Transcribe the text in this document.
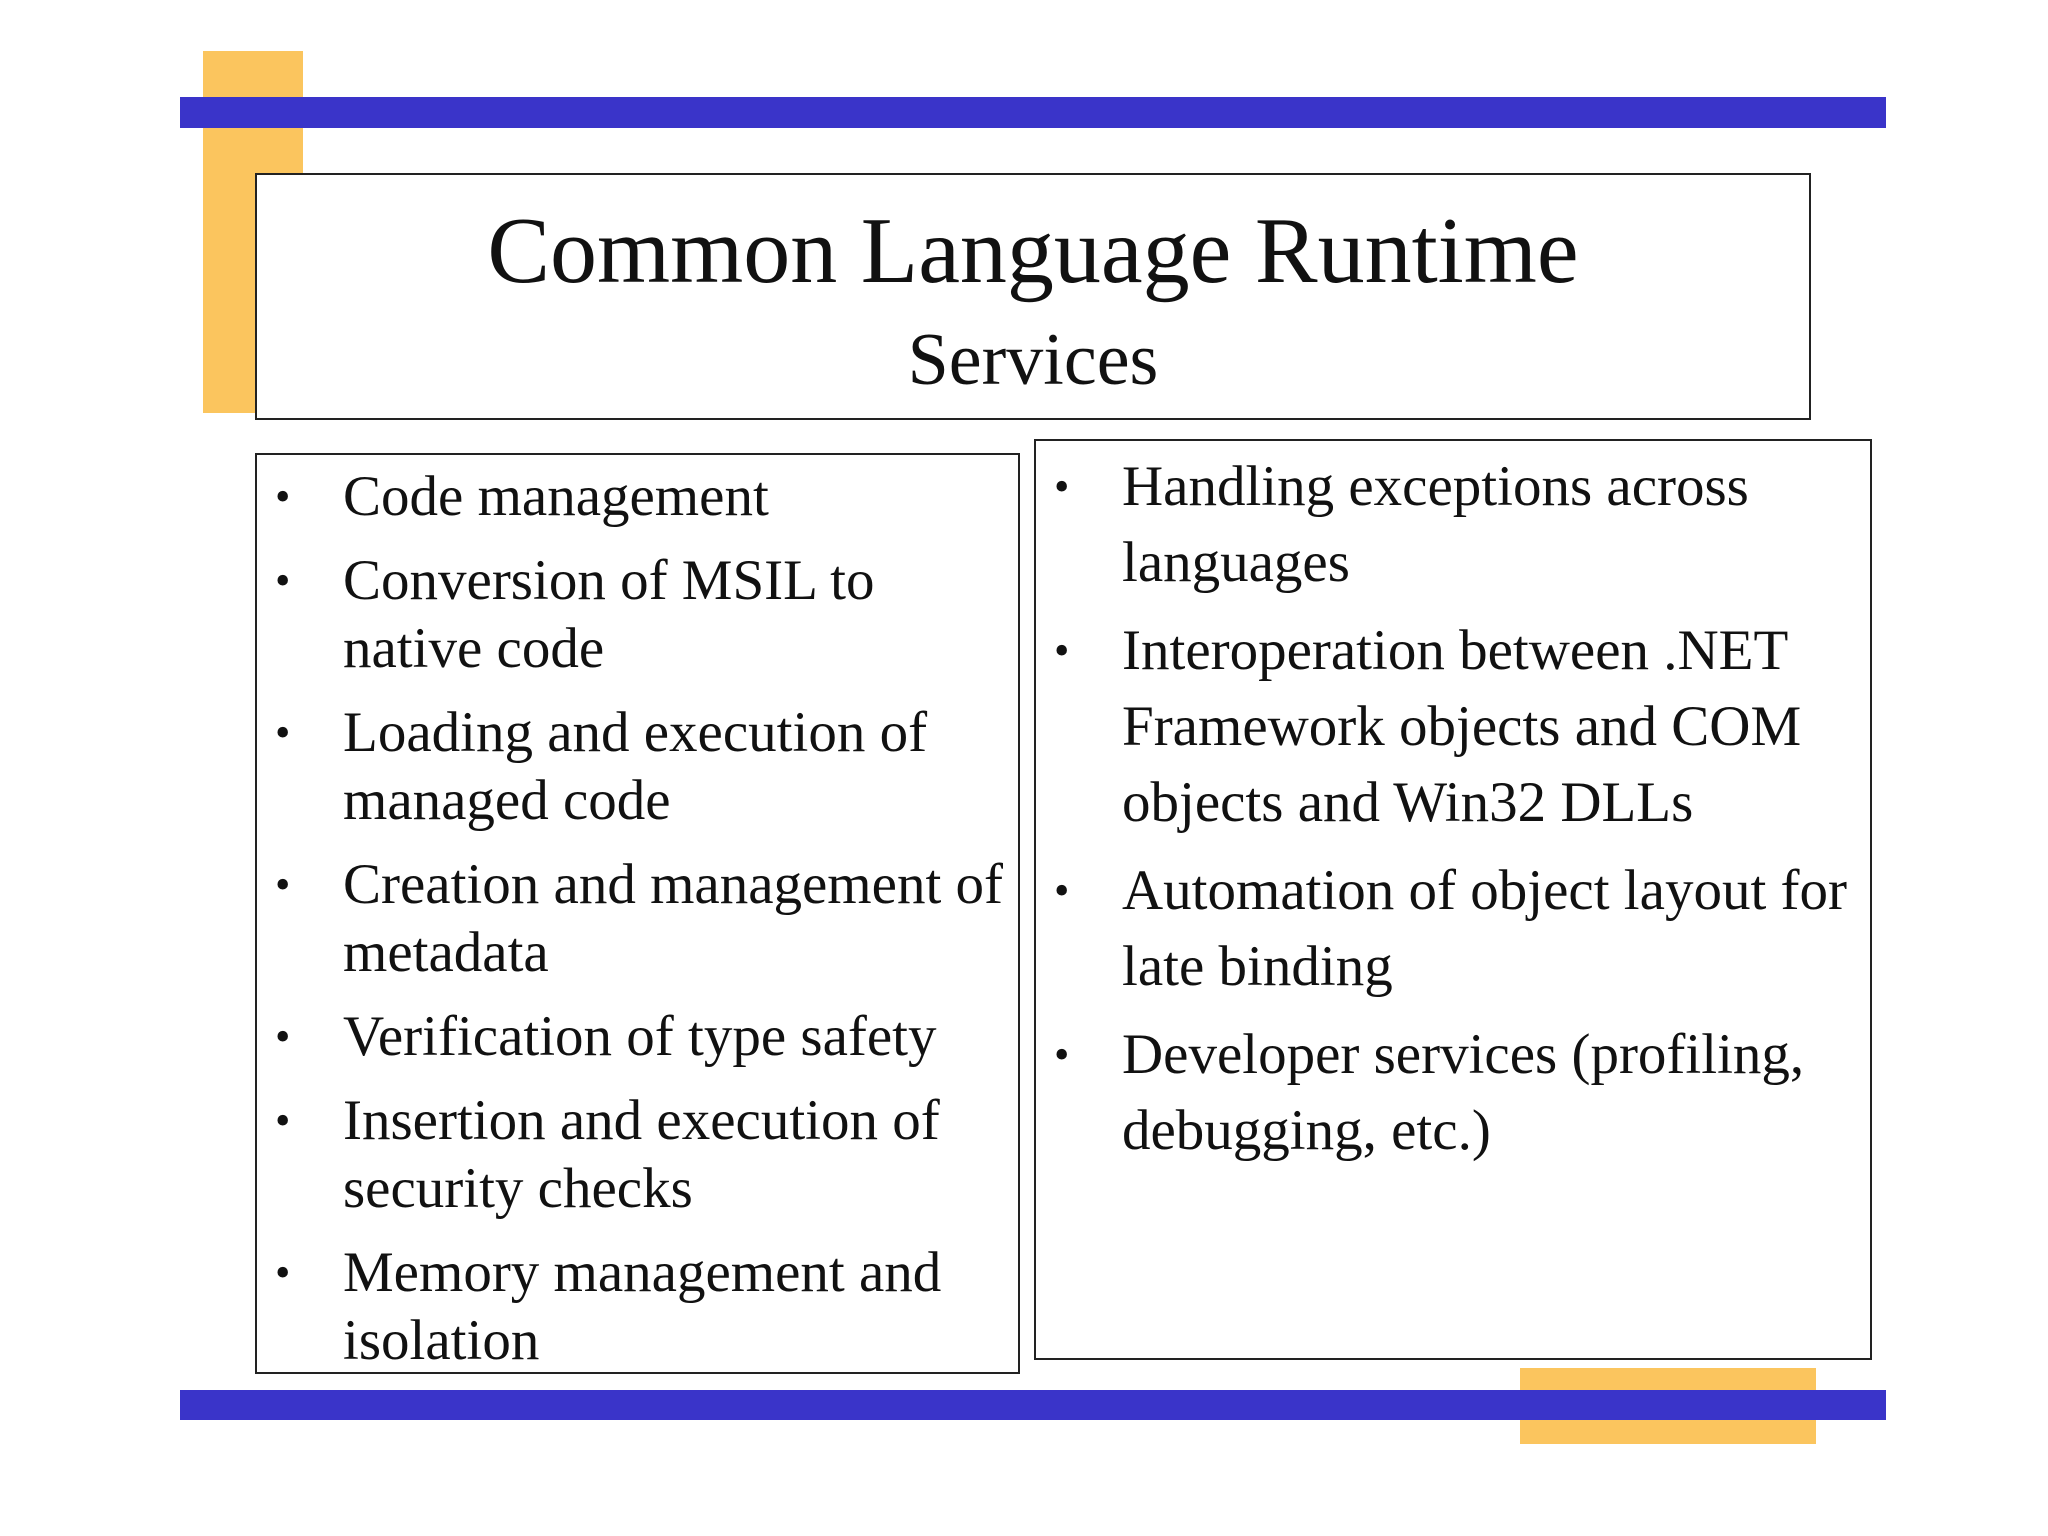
Common Language Runtime
Services
• Code management
• Conversion of MSIL to native code
• Loading and execution of managed code
• Creation and management of metadata
• Verification of type safety
• Insertion and execution of security checks
• Memory management and isolation
• Handling exceptions across languages
• Interoperation between .NET Framework objects and COM objects and Win32 DLLs
• Automation of object layout for late binding
• Developer services (profiling, debugging, etc.)
